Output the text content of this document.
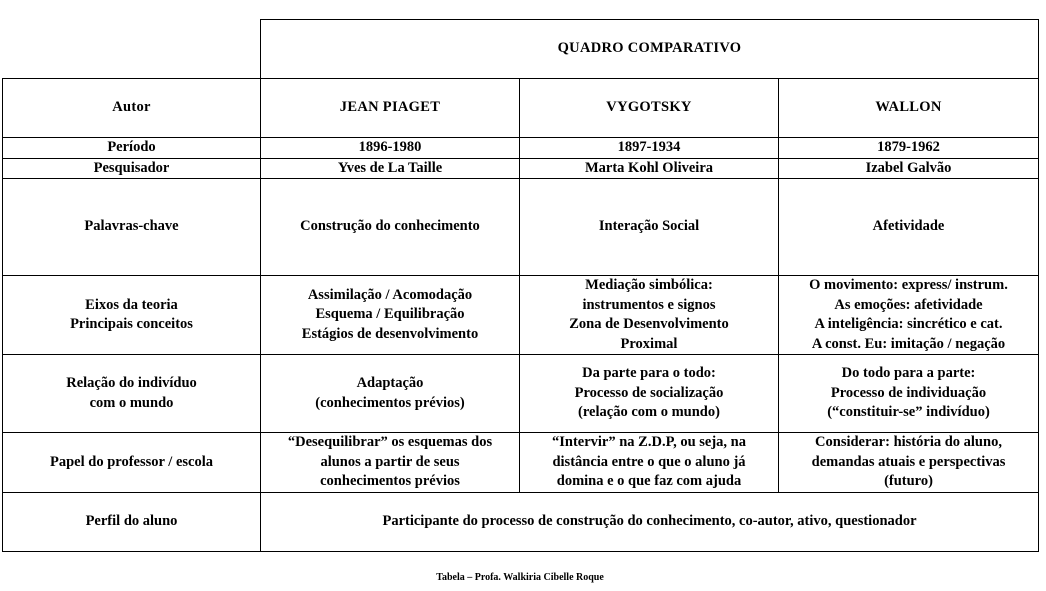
	QUADRO COMPARATIVO		
Autor	JEAN PIAGET	VYGOTSKY	WALLON

Período	1896-1980	1897-1934	1879-1962

Pesquisador	Yves de La Taille	Marta Kohl Oliveira	Izabel Galvão

Palavras-chave	Construção do conhecimento	Interação Social	Afetividade

Eixos da teoria
Principais conceitos	Assimilação / Acomodação
Esquema / Equilibração
Estágios de desenvolvimento	Mediação simbólica:
instrumentos e signos
Zona de Desenvolvimento
Proximal	O movimento: express/ instrum.
As emoções: afetividade
A inteligência: sincrético e cat.
A const. Eu: imitação / negação

Relação do indivíduo
com o mundo	Adaptação
(conhecimentos prévios)	Da parte para o todo:
Processo de socialização
(relação com o mundo)	Do todo para a parte:
Processo de individuação
(“constituir-se” indivíduo)

Papel do professor / escola	“Desequilibrar” os esquemas dos
alunos a partir de seus
conhecimentos prévios	“Intervir” na Z.D.P, ou seja, na
distância entre o que o aluno já
domina e o que faz com ajuda	Considerar: história do aluno,
demandas atuais e perspectivas
(futuro)

Perfil do aluno	Participante do processo de construção do conhecimento, co-autor, ativo, questionador		
Tabela – Profa. Walkiria Cibelle Roque
